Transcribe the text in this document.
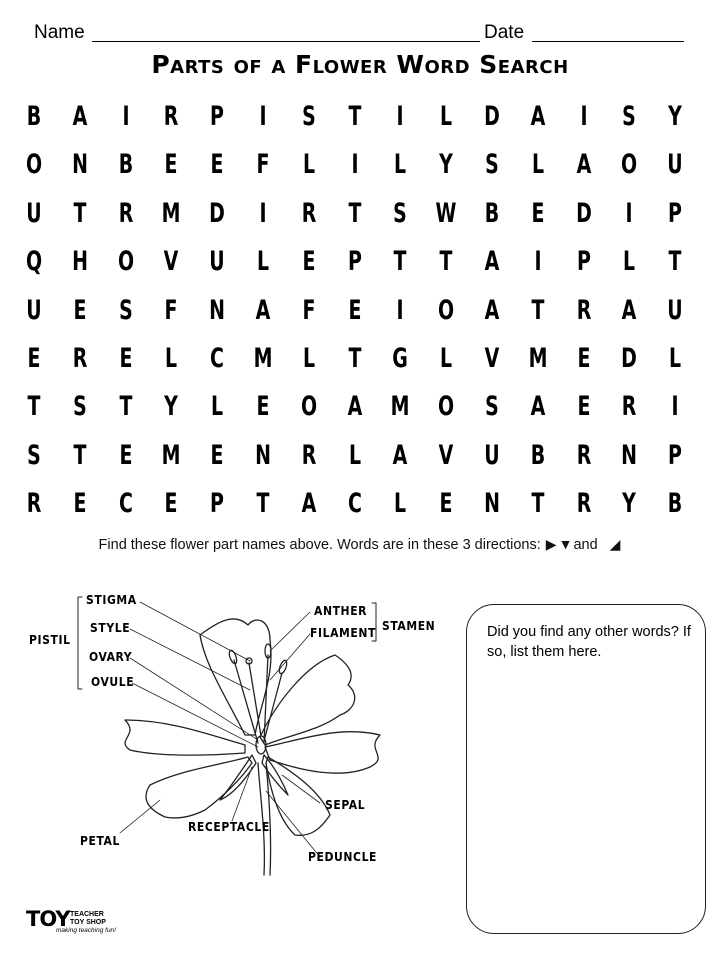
Name	Date
Parts of a Flower Word Search
B	A	I	R	P	I	S	T	I	L	D	A	I	S	Y
O N	B	E	E	F	L	I	L	Y	S	L	A	O U
U	T	R	M D	I	R	T	S	W	B	E	D	I	P
Q H O	V	U	L	E	P	T	T	A	I	P	L	T
U	E	S	F	N	A	F	E	I	O	A	T	R	A	U
E	R	E	L	C	M	L	T	G	L	V	M	E	D	L
T	S	T	Y	L	E	O	A	M O	S	A	E	R	I
S	T	E	M	E	N	R	L	A	V	U	B	R	N	P
R	E	C	E	P	T	A	C	L	E	N	T	R	Y	B
Find these flower part names above. Words are in these 3 directions: ▶ ▼and ◢
PISTIL
STIGMA
STYLE
OVARY
OVULE
ANTHER
FILAMENT STAMEN
SEPAL
RECEPTACLE
PETAL
PEDUNCLE
Did you find any other words? If so, list them here.
TOY TEACHER
TOY SHOP
making teaching fun!
